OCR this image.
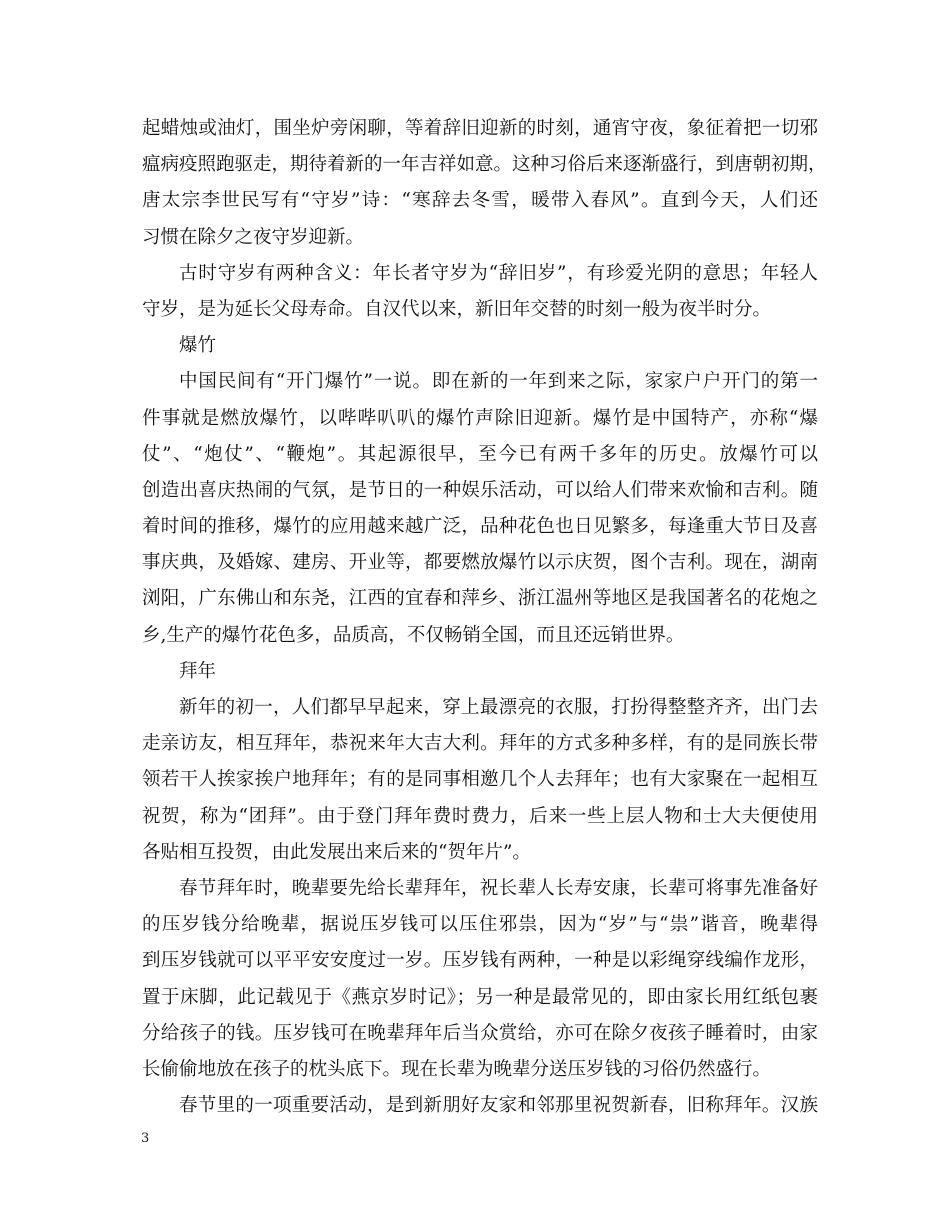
起蜡烛或油灯，围坐炉旁闲聊，等着辞旧迎新的时刻，通宵守夜，象征着把一切邪
瘟病疫照跑驱走，期待着新的一年吉祥如意。这种习俗后来逐渐盛行，到唐朝初期，
唐太宗李世民写有“守岁”诗：“寒辞去冬雪，暖带入春风”。直到今天，人们还
习惯在除夕之夜守岁迎新。
古时守岁有两种含义：年长者守岁为“辞旧岁”，有珍爱光阴的意思；年轻人
守岁，是为延长父母寿命。自汉代以来，新旧年交替的时刻一般为夜半时分。
爆竹
中国民间有“开门爆竹”一说。即在新的一年到来之际，家家户户开门的第一
件事就是燃放爆竹，以哔哔叭叭的爆竹声除旧迎新。爆竹是中国特产，亦称“爆
仗”、“炮仗”、“鞭炮”。其起源很早，至今已有两千多年的历史。放爆竹可以
创造出喜庆热闹的气氛，是节日的一种娱乐活动，可以给人们带来欢愉和吉利。随
着时间的推移，爆竹的应用越来越广泛，品种花色也日见繁多，每逢重大节日及喜
事庆典，及婚嫁、建房、开业等，都要燃放爆竹以示庆贺，图个吉利。现在，湖南
浏阳，广东佛山和东尧，江西的宜春和萍乡、浙江温州等地区是我国著名的花炮之
乡,生产的爆竹花色多，品质高，不仅畅销全国，而且还远销世界。
拜年
新年的初一，人们都早早起来，穿上最漂亮的衣服，打扮得整整齐齐，出门去
走亲访友，相互拜年，恭祝来年大吉大利。拜年的方式多种多样，有的是同族长带
领若干人挨家挨户地拜年；有的是同事相邀几个人去拜年；也有大家聚在一起相互
祝贺，称为“团拜”。由于登门拜年费时费力，后来一些上层人物和士大夫便使用
各贴相互投贺，由此发展出来后来的“贺年片”。
春节拜年时，晚辈要先给长辈拜年，祝长辈人长寿安康，长辈可将事先准备好
的压岁钱分给晚辈，据说压岁钱可以压住邪祟，因为“岁”与“祟”谐音，晚辈得
到压岁钱就可以平平安安度过一岁。压岁钱有两种，一种是以彩绳穿线编作龙形，
置于床脚，此记载见于《燕京岁时记》；另一种是最常见的，即由家长用红纸包裹
分给孩子的钱。压岁钱可在晚辈拜年后当众赏给，亦可在除夕夜孩子睡着时，由家
长偷偷地放在孩子的枕头底下。现在长辈为晚辈分送压岁钱的习俗仍然盛行。
春节里的一项重要活动，是到新朋好友家和邻那里祝贺新春，旧称拜年。汉族
3
